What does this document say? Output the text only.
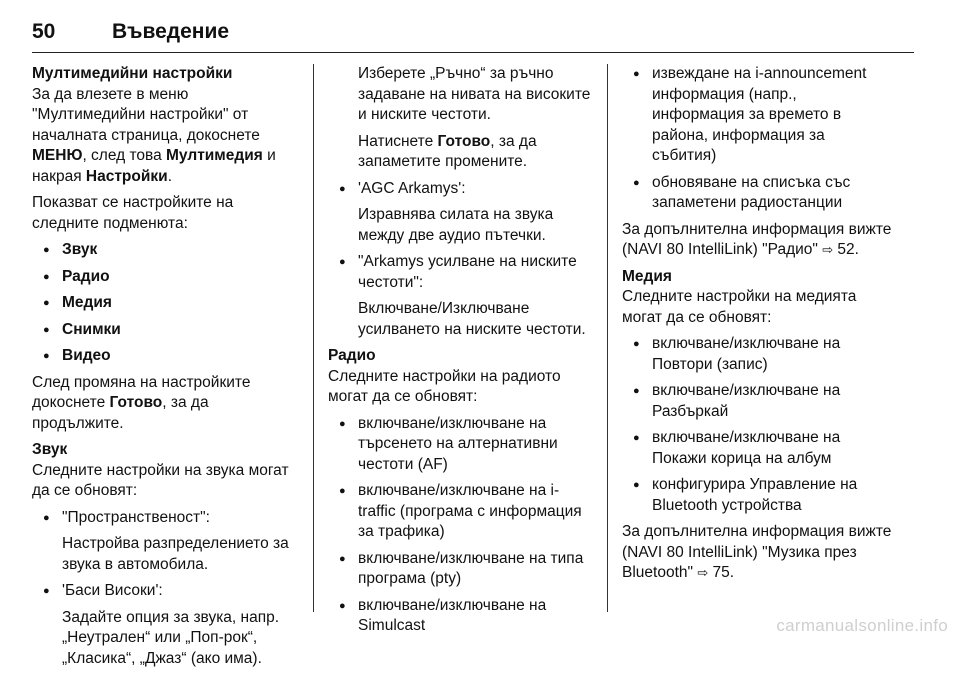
50	Въведение
Мултимедийни настройки

За да влезете в меню "Мултимедийни настройки" от началната страница, докоснете МЕНЮ, след това Мултимедия и накрая Настройки.

Показват се настройките на следните подменюта:

● Звук
● Радио
● Медия
● Снимки
● Видео

След промяна на настройките докоснете Готово, за да продължите.

Звук

Следните настройки на звука могат да се обновят:

● "Пространственост":
Настройва разпределението за звука в автомобила.
● 'Баси Високи':
Задайте опция за звука, напр. „Неутрален“ или „Поп-рок“, „Класика“, „Джаз“ (ако има).

Изберете „Ръчно“ за ръчно задаване на нивата на високите и ниските честоти.

Натиснете Готово, за да запаметите промените.

● 'AGC Arkamys':
Изравнява силата на звука между две аудио пътечки.
● "Arkamys усилване на ниските честоти":
Включване/Изключване усилването на ниските честоти.
Радио

Следните настройки на радиото могат да се обновят:

● включване/изключване на търсенето на алтернативни честоти (AF)
● включване/изключване на i-traffic (програма с информация за трафика)
● включване/изключване на типа програма (pty)
● включване/изключване на Simulcast
● извеждане на i-announcement информация (напр., информация за времето в района, информация за събития)
● обновяване на списъка със запаметени радиостанции

За допълнителна информация вижте (NAVI 80 IntelliLink) "Радио" ⇨ 52.

Медия

Следните настройки на медията могат да се обновят:

● включване/изключване на Повтори (запис)
● включване/изключване на Разбъркай
● включване/изключване на Покажи корица на албум
● конфигурира Управление на Bluetooth устройства

За допълнителна информация вижте (NAVI 80 IntelliLink) "Музика през Bluetooth" ⇨ 75.

carmanualsonline.info
